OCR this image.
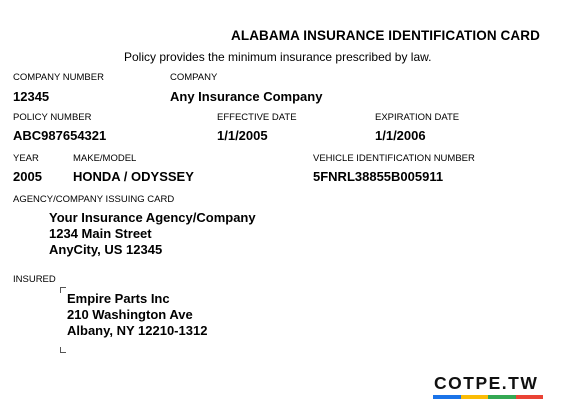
ALABAMA INSURANCE IDENTIFICATION CARD
Policy provides the minimum insurance prescribed by law.
COMPANY NUMBER
12345
COMPANY
Any Insurance Company
POLICY NUMBER
ABC987654321
EFFECTIVE DATE
1/1/2005
EXPIRATION DATE
1/1/2006
YEAR
2005
MAKE/MODEL
HONDA / ODYSSEY
VEHICLE IDENTIFICATION NUMBER
5FNRL38855B005911
AGENCY/COMPANY ISSUING CARD
Your Insurance Agency/Company
1234 Main Street
AnyCity, US 12345
INSURED
Empire Parts Inc
210 Washington Ave
Albany, NY 12210-1312
COTPE.TW
